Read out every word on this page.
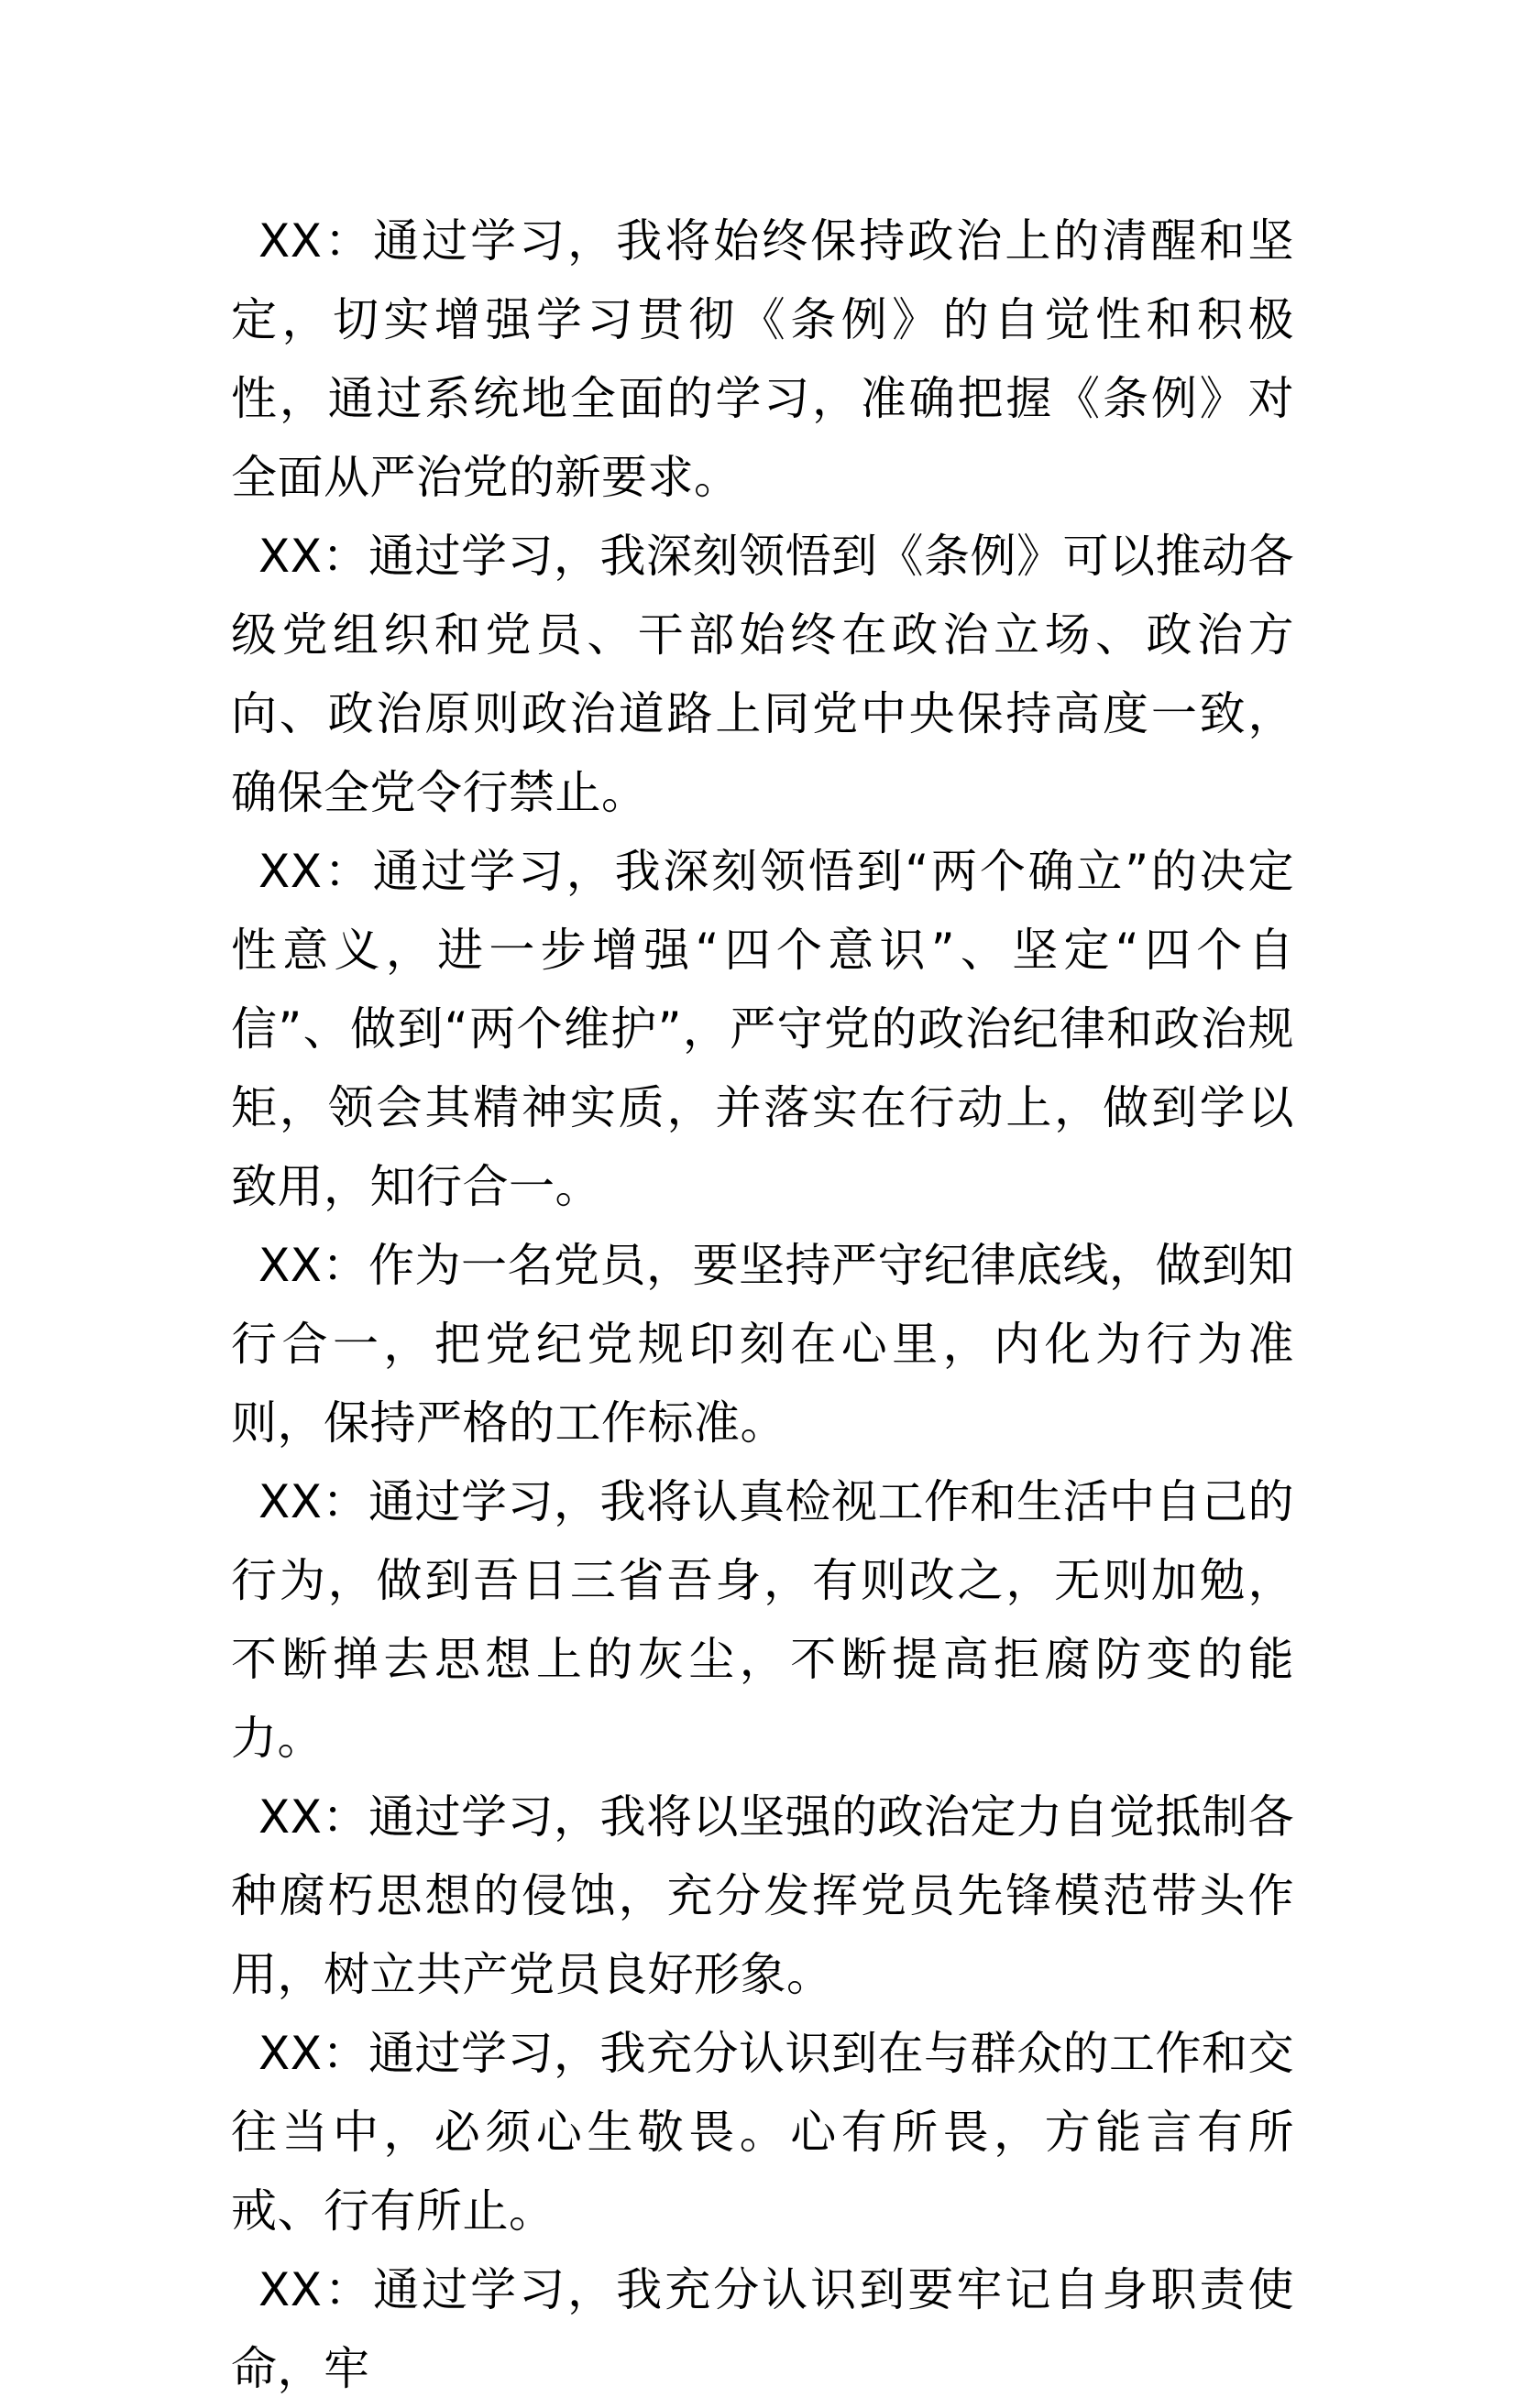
XX：通过学习，我将始终保持政治上的清醒和坚定，切实增强学习贯彻《条例》的自觉性和积极性，通过系统地全面的学习，准确把握《条例》对全面从严治党的新要求。

XX：通过学习，我深刻领悟到《条例》可以推动各级党组织和党员、干部始终在政治立场、政治方向、政治原则政治道路上同党中央保持高度一致，确保全党令行禁止。

XX：通过学习，我深刻领悟到“两个确立”的决定性意义，进一步增强“四个意识”、坚定“四个自信”、做到“两个维护”，严守党的政治纪律和政治规矩，领会其精神实质，并落实在行动上，做到学以致用，知行合一。

XX：作为一名党员，要坚持严守纪律底线，做到知行合一，把党纪党规印刻在心里，内化为行为准则，保持严格的工作标准。

XX：通过学习，我将认真检视工作和生活中自己的行为，做到吾日三省吾身，有则改之，无则加勉，不断掸去思想上的灰尘，不断提高拒腐防变的能力。

XX：通过学习，我将以坚强的政治定力自觉抵制各种腐朽思想的侵蚀，充分发挥党员先锋模范带头作用，树立共产党员良好形象。

XX：通过学习，我充分认识到在与群众的工作和交往当中，必须心生敬畏。心有所畏，方能言有所戒、行有所止。

XX：通过学习，我充分认识到要牢记自身职责使命，牢
